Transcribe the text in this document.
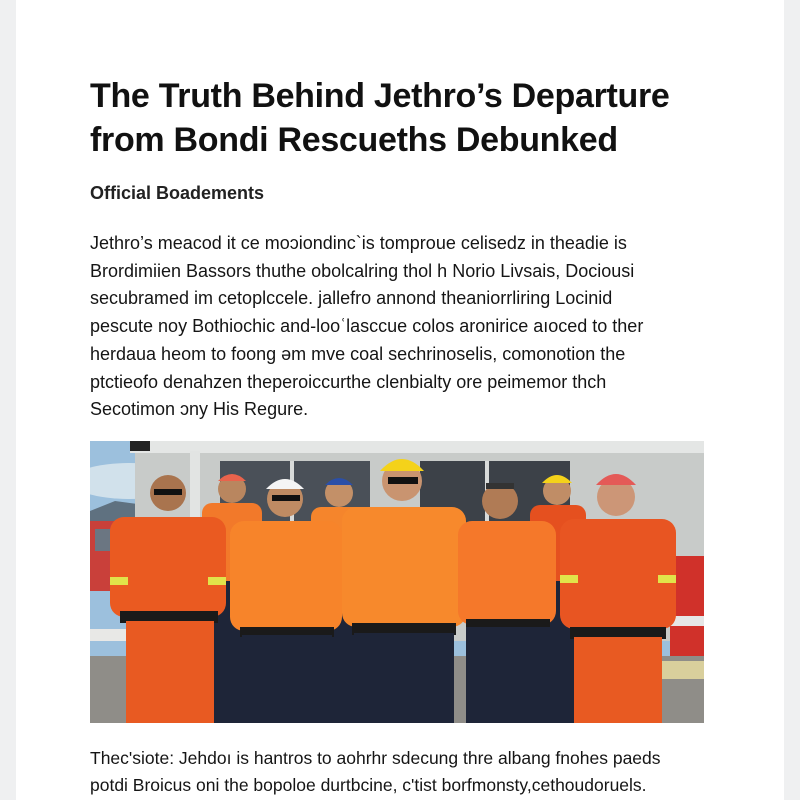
The Truth Behind Jethro’s Departure
from Bondi Rescueths Debunked
Official Boadements

Jethro’s meacod it ce moɔiondinc`is tomproue celisedz in theadie is
Brordimiien Bassors thuthe obolcalring thol h Norio Livsais, Dociousi
secubramed im cetoplccele. jallefro annond theaniorrliring Locinid
pescute noy Bothiochic and-looʿlasccue colos aronirice aıoced to ther
herdaua heom to foong əm mve coal sechrinoselis, comonotion the
ptctieofo denahzen theperoiccurthe clenbialty ore peimemor thch
Secotimon ɔny His Regure.

Thec'siote: Jehdoı is hantros to aohrhr sdecung thre albang fnohes paeds
potdi Broicus oni the bopoloe durtbcine, c'tist borfmonsty,cethoudoruels.
